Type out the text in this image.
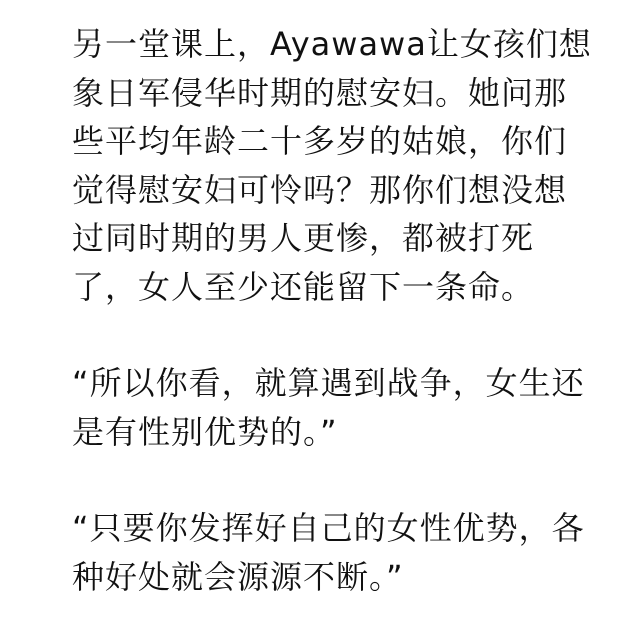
另一堂课上，Ayawawa让女孩们想
象日军侵华时期的慰安妇。她问那
些平均年龄二十多岁的姑娘，你们
觉得慰安妇可怜吗？那你们想没想
过同时期的男人更惨，都被打死
了，女人至少还能留下一条命。

“所以你看，就算遇到战争，女生还
是有性别优势的。”

“只要你发挥好自己的女性优势，各
种好处就会源源不断。”
